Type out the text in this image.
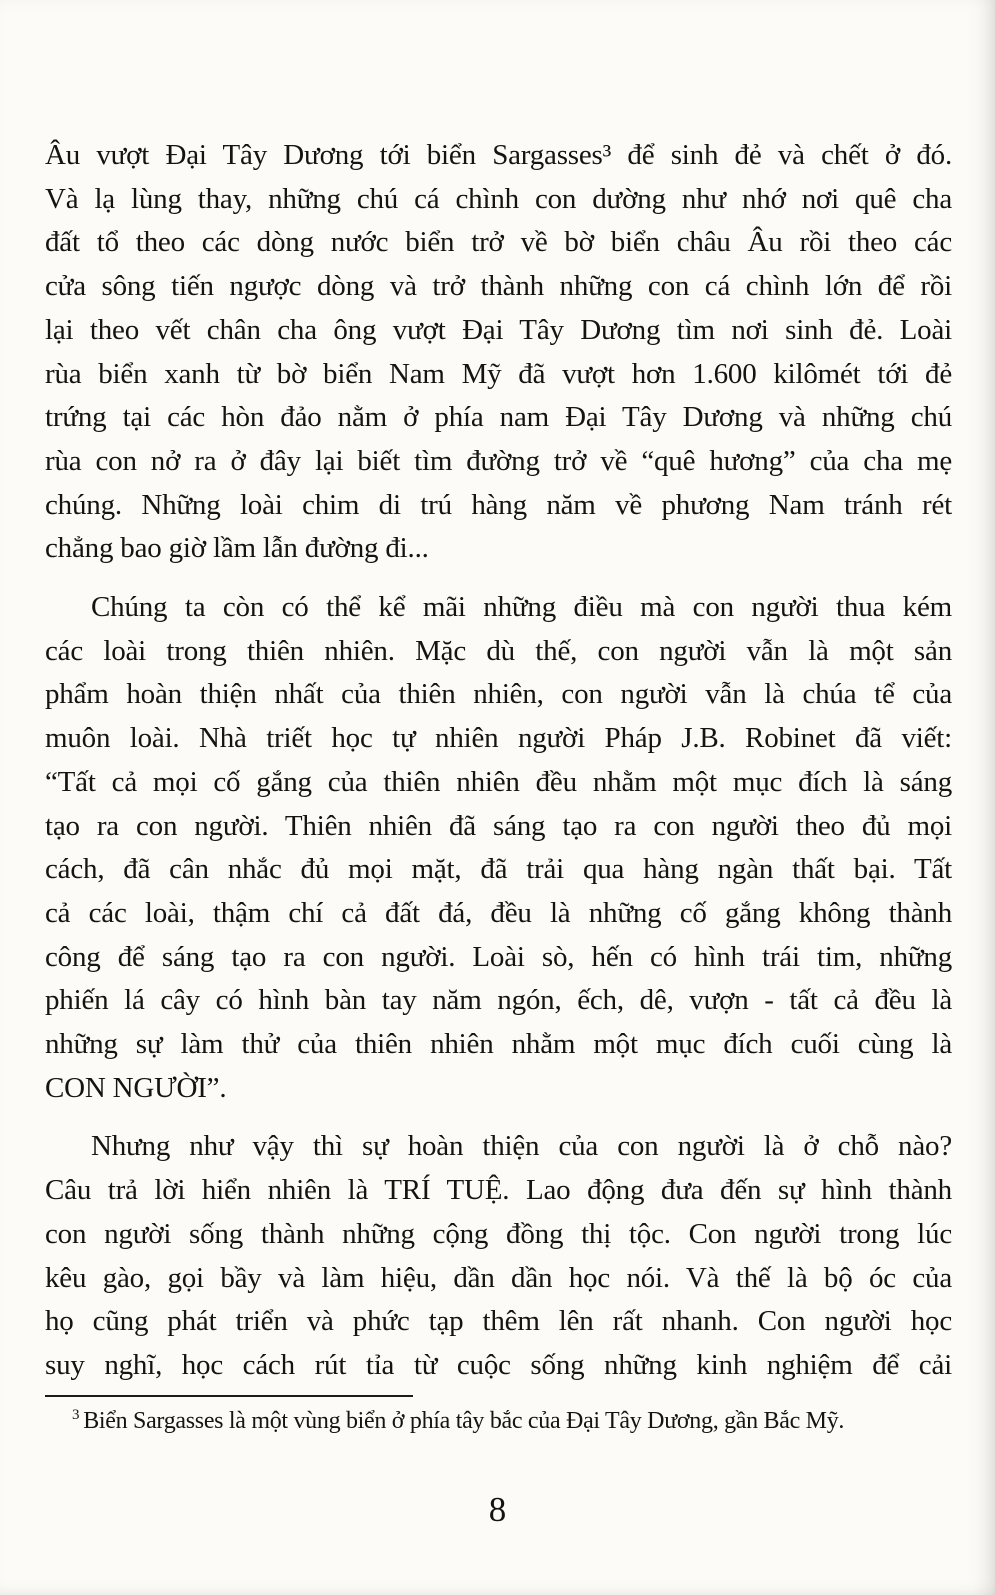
Âu vượt Đại Tây Dương tới biển Sargasses³ để sinh đẻ và chết ở đó.
Và lạ lùng thay, những chú cá chình con dường như nhớ nơi quê cha
đất tổ theo các dòng nước biển trở về bờ biển châu Âu rồi theo các
cửa sông tiến ngược dòng và trở thành những con cá chình lớn để rồi
lại theo vết chân cha ông vượt Đại Tây Dương tìm nơi sinh đẻ. Loài
rùa biển xanh từ bờ biển Nam Mỹ đã vượt hơn 1.600 kilômét tới đẻ
trứng tại các hòn đảo nằm ở phía nam Đại Tây Dương và những chú
rùa con nở ra ở đây lại biết tìm đường trở về “quê hương” của cha mẹ
chúng. Những loài chim di trú hàng năm về phương Nam tránh rét
chẳng bao giờ lầm lẫn đường đi...
Chúng ta còn có thể kể mãi những điều mà con người thua kém
các loài trong thiên nhiên. Mặc dù thế, con người vẫn là một sản
phẩm hoàn thiện nhất của thiên nhiên, con người vẫn là chúa tể của
muôn loài. Nhà triết học tự nhiên người Pháp J.B. Robinet đã viết:
“Tất cả mọi cố gắng của thiên nhiên đều nhằm một mục đích là sáng
tạo ra con người. Thiên nhiên đã sáng tạo ra con người theo đủ mọi
cách, đã cân nhắc đủ mọi mặt, đã trải qua hàng ngàn thất bại. Tất
cả các loài, thậm chí cả đất đá, đều là những cố gắng không thành
công để sáng tạo ra con người. Loài sò, hến có hình trái tim, những
phiến lá cây có hình bàn tay năm ngón, ếch, dê, vượn - tất cả đều là
những sự làm thử của thiên nhiên nhằm một mục đích cuối cùng là
CON NGƯỜI”.
Nhưng như vậy thì sự hoàn thiện của con người là ở chỗ nào?
Câu trả lời hiển nhiên là TRÍ TUỆ. Lao động đưa đến sự hình thành
con người sống thành những cộng đồng thị tộc. Con người trong lúc
kêu gào, gọi bầy và làm hiệu, dần dần học nói. Và thế là bộ óc của
họ cũng phát triển và phức tạp thêm lên rất nhanh. Con người học
suy nghĩ, học cách rút tỉa từ cuộc sống những kinh nghiệm để cải
$^3$ Biển Sargasses là một vùng biển ở phía tây bắc của Đại Tây Dương, gần Bắc Mỹ.
8
